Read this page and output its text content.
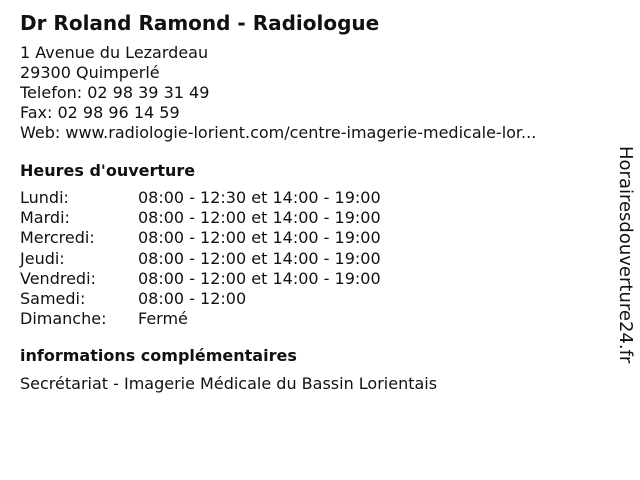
Dr Roland Ramond - Radiologue
1 Avenue du Lezardeau
29300 Quimperlé
Telefon: 02 98 39 31 49
Fax: 02 98 96 14 59
Web: www.radiologie-lorient.com/centre-imagerie-medicale-lor...
Heures d'ouverture
Lundi:	08:00 - 12:30 et 14:00 - 19:00
Mardi:	08:00 - 12:00 et 14:00 - 19:00
Mercredi:	08:00 - 12:00 et 14:00 - 19:00
Jeudi:	08:00 - 12:00 et 14:00 - 19:00
Vendredi:	08:00 - 12:00 et 14:00 - 19:00
Samedi:	08:00 - 12:00
Dimanche:	Fermé
informations complémentaires
Secrétariat - Imagerie Médicale du Bassin Lorientais
Horairesdouverture24.fr
